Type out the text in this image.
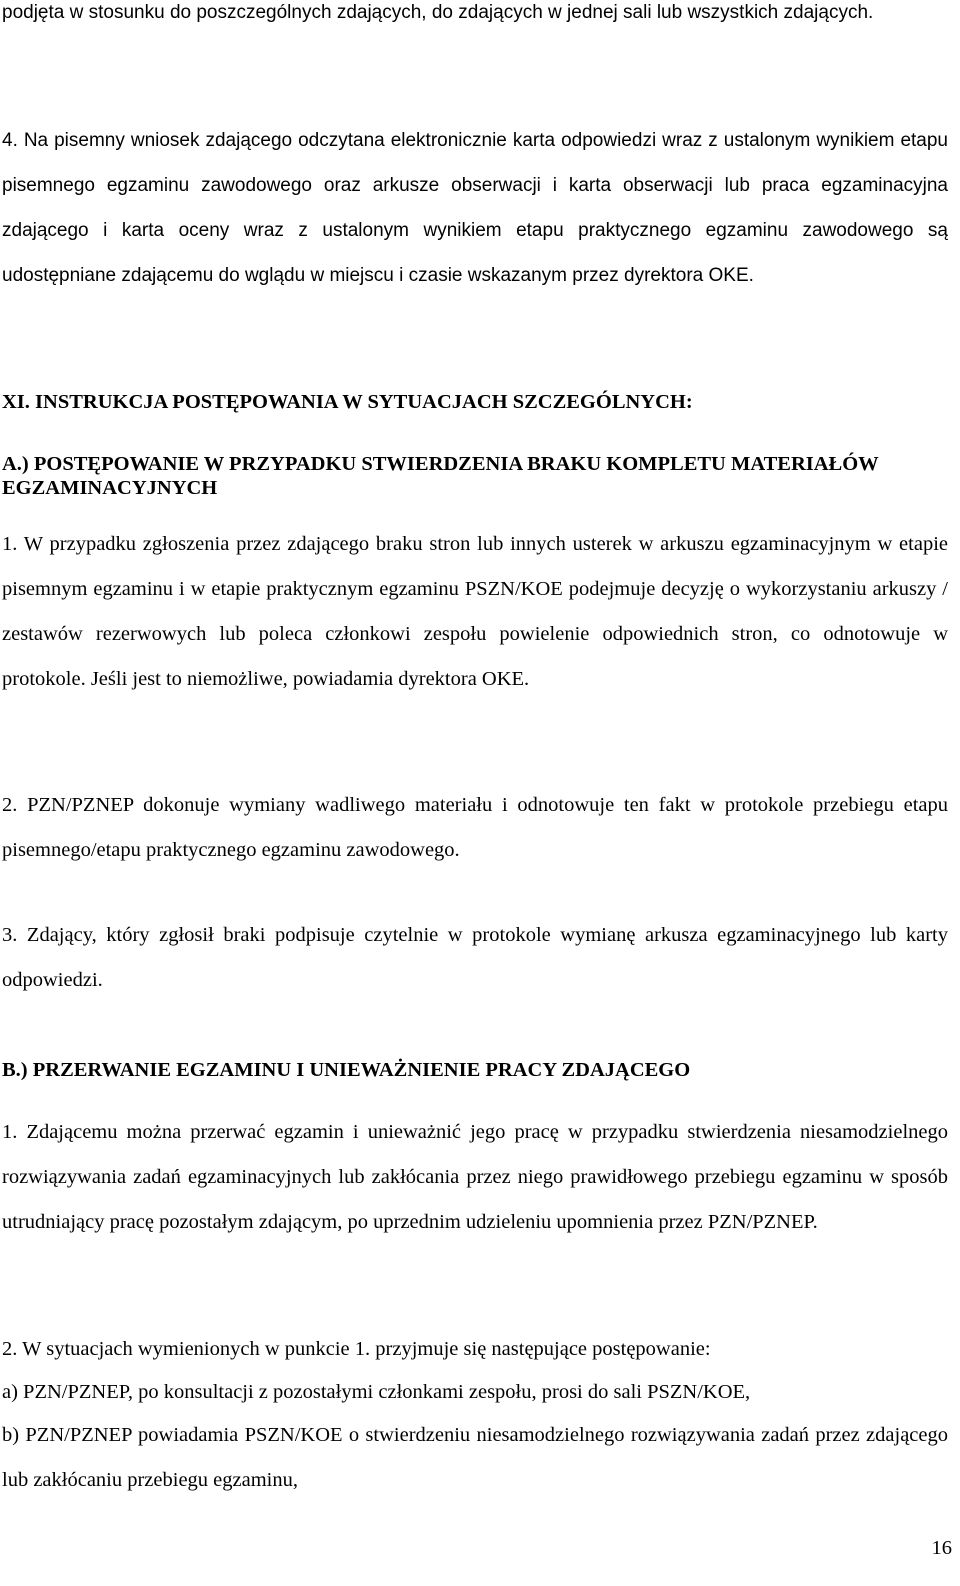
podjęta w stosunku do poszczególnych zdających, do zdających w jednej sali lub wszystkich zdających.

4. Na pisemny wniosek zdającego odczytana elektronicznie karta odpowiedzi wraz z ustalonym wynikiem etapu pisemnego egzaminu zawodowego oraz arkusze obserwacji i karta obserwacji lub praca egzaminacyjna zdającego i karta oceny wraz z ustalonym wynikiem etapu praktycznego egzaminu zawodowego są udostępniane zdającemu do wglądu w miejscu i czasie wskazanym przez dyrektora OKE.

XI. INSTRUKCJA POSTĘPOWANIA W SYTUACJACH SZCZEGÓLNYCH:

A.) POSTĘPOWANIE W PRZYPADKU STWIERDZENIA BRAKU KOMPLETU MATERIAŁÓW EGZAMINACYJNYCH

1. W przypadku zgłoszenia przez zdającego braku stron lub innych usterek w arkuszu egzaminacyjnym w etapie pisemnym egzaminu i w etapie praktycznym egzaminu PSZN/KOE podejmuje decyzję o wykorzystaniu arkuszy / zestawów rezerwowych lub poleca członkowi zespołu powielenie odpowiednich stron, co odnotowuje w protokole. Jeśli jest to niemożliwe, powiadamia dyrektora OKE.

2. PZN/PZNEP dokonuje wymiany wadliwego materiału i odnotowuje ten fakt w protokole przebiegu etapu pisemnego/etapu praktycznego egzaminu zawodowego.

3. Zdający, który zgłosił braki podpisuje czytelnie w protokole wymianę arkusza egzaminacyjnego lub karty odpowiedzi.

B.) PRZERWANIE EGZAMINU I UNIEWAŻNIENIE PRACY ZDAJĄCEGO

1. Zdającemu można przerwać egzamin i unieważnić jego pracę w przypadku stwierdzenia niesamodzielnego rozwiązywania zadań egzaminacyjnych lub zakłócania przez niego prawidłowego przebiegu egzaminu w sposób utrudniający pracę pozostałym zdającym, po uprzednim udzieleniu upomnienia przez PZN/PZNEP.

2. W sytuacjach wymienionych w punkcie 1. przyjmuje się następujące postępowanie:

a) PZN/PZNEP, po konsultacji z pozostałymi członkami zespołu, prosi do sali PSZN/KOE,

b) PZN/PZNEP powiadamia PSZN/KOE o stwierdzeniu niesamodzielnego rozwiązywania zadań przez zdającego lub zakłócaniu przebiegu egzaminu,

16
